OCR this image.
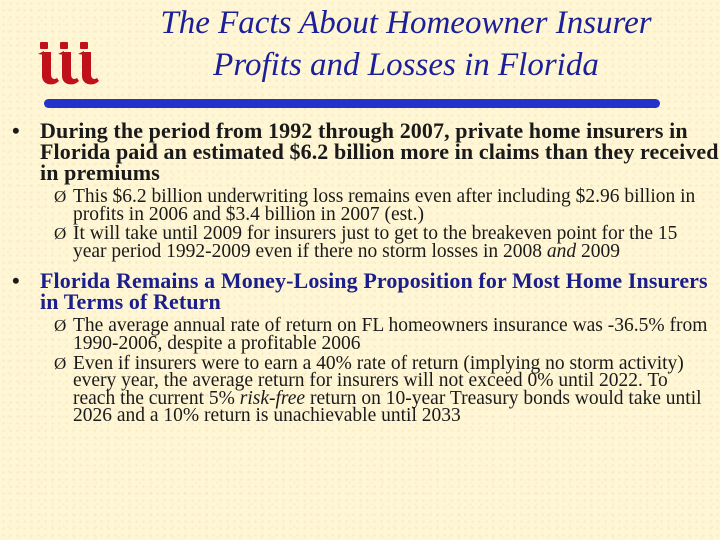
The Facts About Homeowner Insurer
Profits and Losses in Florida
• During the period from 1992 through 2007, private home insurers in Florida paid an estimated $6.2 billion more in claims than they received in premiums
Ø This $6.2 billion underwriting loss remains even after including $2.96 billion in profits in 2006 and $3.4 billion in 2007 (est.)
Ø It will take until 2009 for insurers just to get to the breakeven point for the 15 year period 1992-2009 even if there no storm losses in 2008 and 2009
• Florida Remains a Money-Losing Proposition for Most Home Insurers in Terms of Return
Ø The average annual rate of return on FL homeowners insurance was -36.5% from 1990-2006, despite a profitable 2006
Ø Even if insurers were to earn a 40% rate of return (implying no storm activity) every year, the average return for insurers will not exceed 0% until 2022. To reach the current 5% risk-free return on 10-year Treasury bonds would take until 2026 and a 10% return is unachievable until 2033
